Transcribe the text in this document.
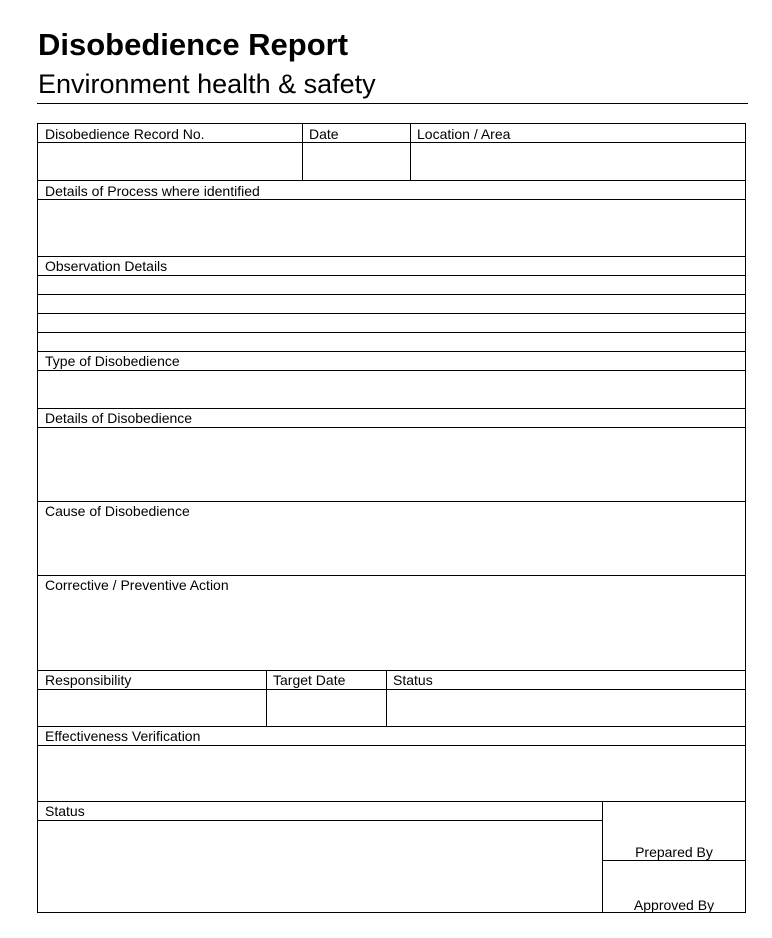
Disobedience Report
Environment health & safety
Disobedience Record No.	Date	Location / Area
Details of Process where identified
Observation Details
Type of Disobedience
Details of Disobedience
Cause of Disobedience
Corrective / Preventive Action
Responsibility	Target Date	Status
Effectiveness Verification
Status
Prepared By
Approved By
